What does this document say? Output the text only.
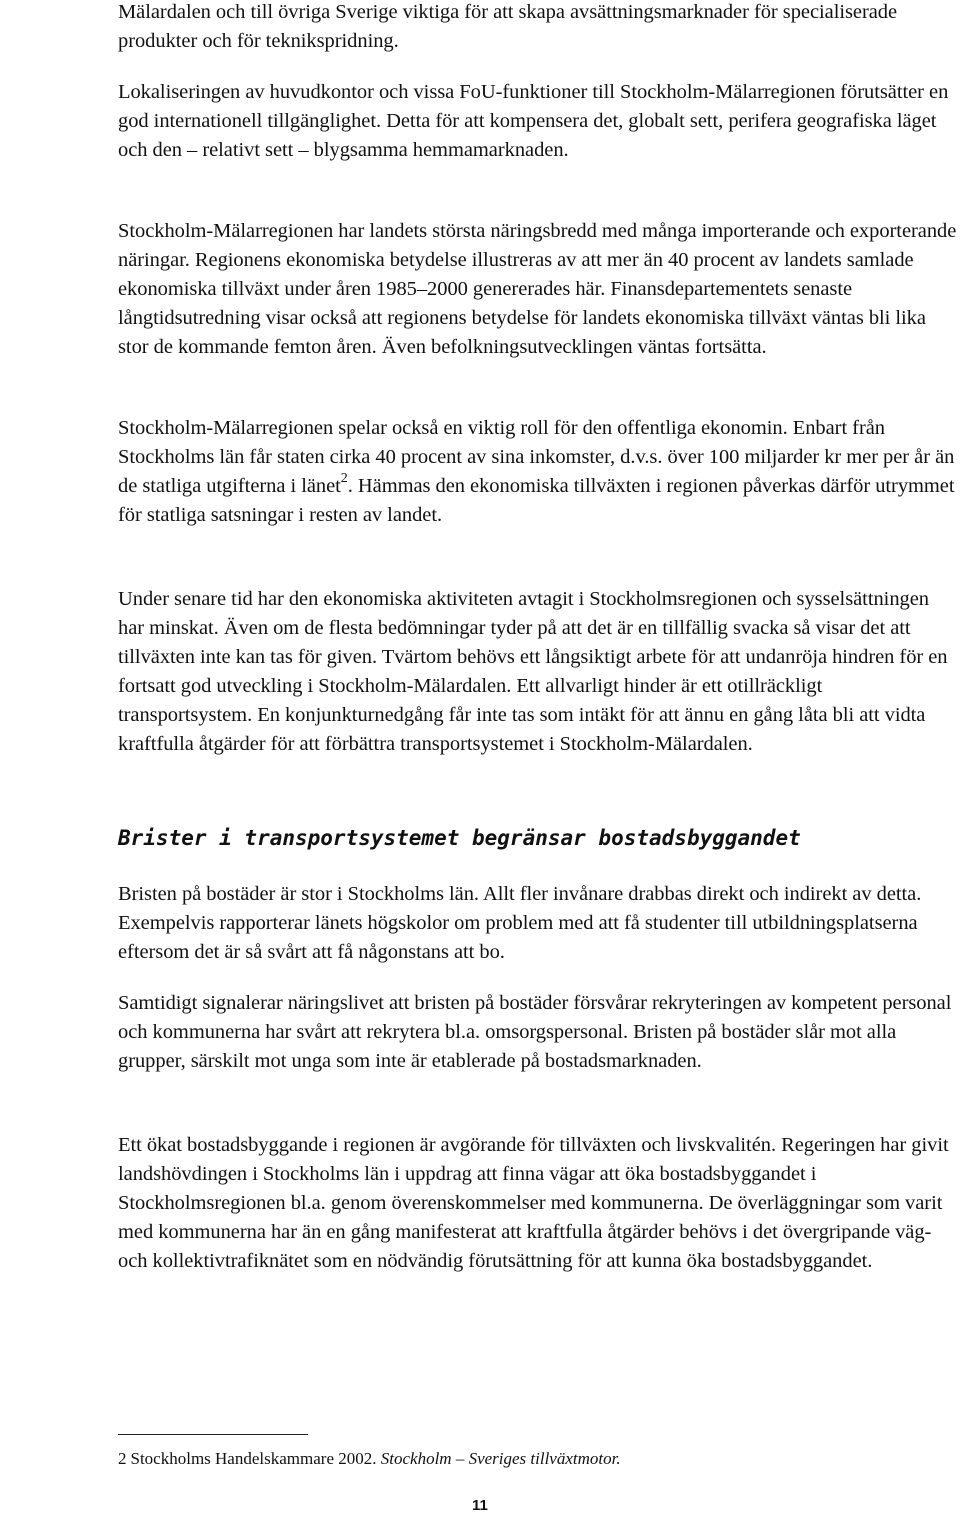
Mälardalen och till övriga Sverige viktiga för att skapa avsättningsmarknader för specialiserade produkter och för teknikspridning.

Lokaliseringen av huvudkontor och vissa FoU-funktioner till Stockholm-Mälarregionen förutsätter en god internationell tillgänglighet. Detta för att kompensera det, globalt sett, perifera geografiska läget och den – relativt sett – blygsamma hemmamarknaden.

Stockholm-Mälarregionen har landets största näringsbredd med många importerande och exporterande näringar. Regionens ekonomiska betydelse illustreras av att mer än 40 procent av landets samlade ekonomiska tillväxt under åren 1985–2000 genererades här. Finansdepartementets senaste långtidsutredning visar också att regionens betydelse för landets ekonomiska tillväxt väntas bli lika stor de kommande femton åren. Även befolkningsutvecklingen väntas fortsätta.

Stockholm-Mälarregionen spelar också en viktig roll för den offentliga ekonomin. Enbart från Stockholms län får staten cirka 40 procent av sina inkomster, d.v.s. över 100 miljarder kr mer per år än de statliga utgifterna i länet$^2$. Hämmas den ekonomiska tillväxten i regionen påverkas därför utrymmet för statliga satsningar i resten av landet.

Under senare tid har den ekonomiska aktiviteten avtagit i Stockholmsregionen och sysselsättningen har minskat. Även om de flesta bedömningar tyder på att det är en tillfällig svacka så visar det att tillväxten inte kan tas för given. Tvärtom behövs ett långsiktigt arbete för att undanröja hindren för en fortsatt god utveckling i Stockholm-Mälardalen. Ett allvarligt hinder är ett otillräckligt transportsystem. En konjunkturnedgång får inte tas som intäkt för att ännu en gång låta bli att vidta kraftfulla åtgärder för att förbättra transportsystemet i Stockholm-Mälardalen.

Brister i transportsystemet begränsar bostadsbyggandet

Bristen på bostäder är stor i Stockholms län. Allt fler invånare drabbas direkt och indirekt av detta. Exempelvis rapporterar länets högskolor om problem med att få studenter till utbildningsplatserna eftersom det är så svårt att få någonstans att bo.

Samtidigt signalerar näringslivet att bristen på bostäder försvårar rekryteringen av kompetent personal och kommunerna har svårt att rekrytera bl.a. omsorgspersonal. Bristen på bostäder slår mot alla grupper, särskilt mot unga som inte är etablerade på bostadsmarknaden.

Ett ökat bostadsbyggande i regionen är avgörande för tillväxten och livskvalitén. Regeringen har givit landshövdingen i Stockholms län i uppdrag att finna vägar att öka bostadsbyggandet i Stockholmsregionen bl.a. genom överenskommelser med kommunerna. De överläggningar som varit med kommunerna har än en gång manifesterat att kraftfulla åtgärder behövs i det övergripande väg- och kollektivtrafiknätet som en nödvändig förutsättning för att kunna öka bostadsbyggandet.

2 Stockholms Handelskammare 2002. Stockholm – Sveriges tillväxtmotor.
11
